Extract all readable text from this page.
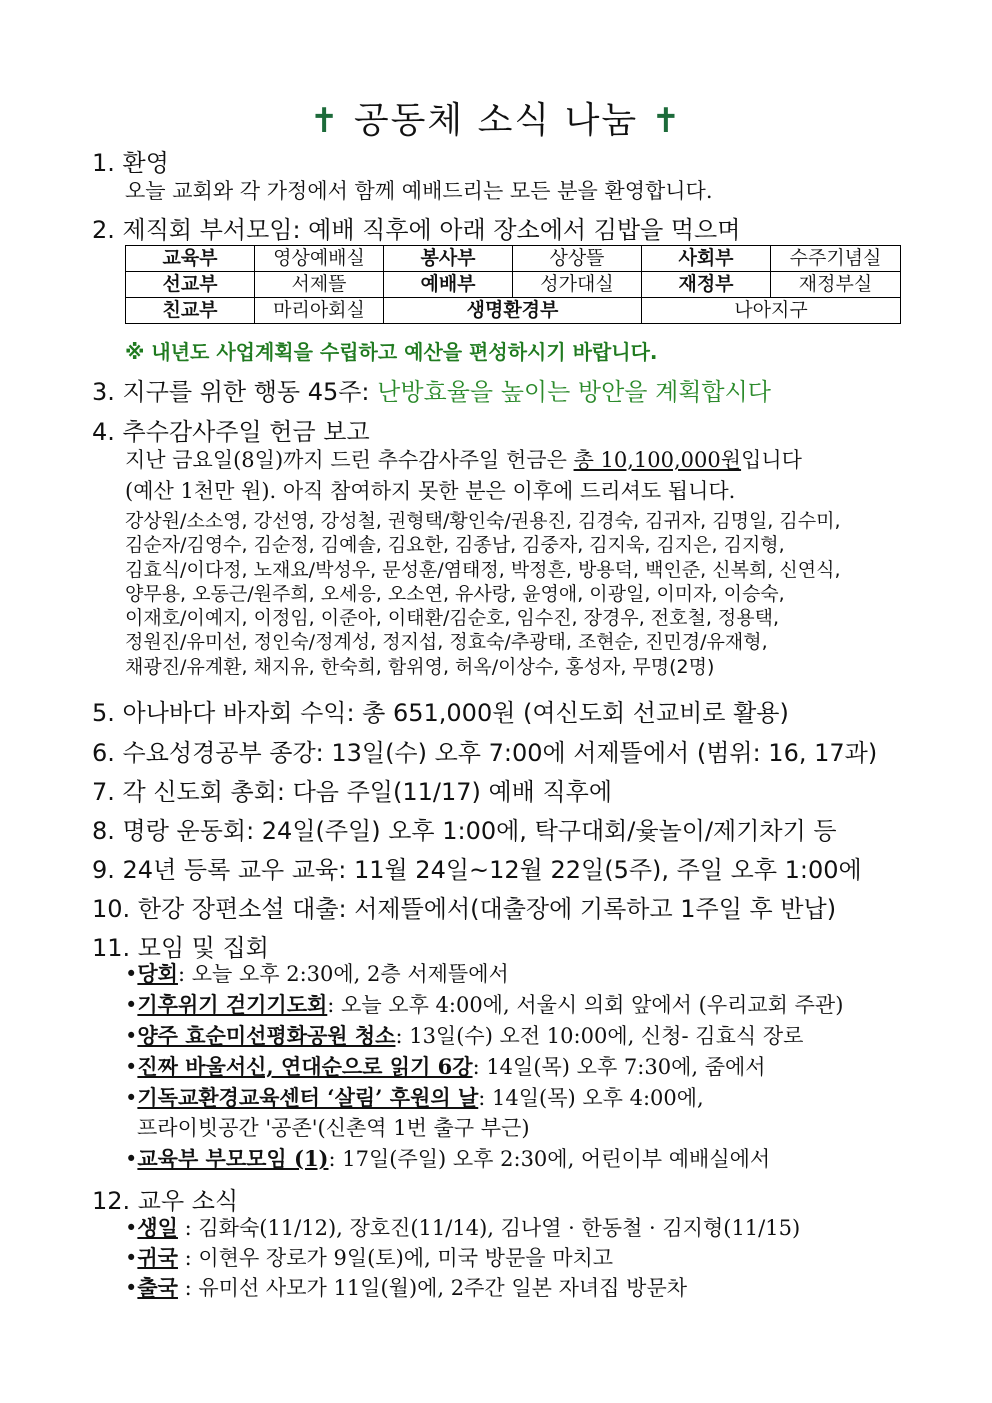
✝ 공동체 소식 나눔 ✝
1. 환영
오늘 교회와 각 가정에서 함께 예배드리는 모든 분을 환영합니다.
2. 제직회 부서모임: 예배 직후에 아래 장소에서 김밥을 먹으며
교육부	영상예배실	봉사부	상상뜰	사회부	수주기념실
선교부	서제뜰	예배부	성가대실	재정부	재정부실
친교부	마리아회실	생명환경부		나아지구	
※ 내년도 사업계획을 수립하고 예산을 편성하시기 바랍니다.
3. 지구를 위한 행동 45주: 난방효율을 높이는 방안을 계획합시다
4. 추수감사주일 헌금 보고
지난 금요일(8일)까지 드린 추수감사주일 헌금은 총 10,100,000원입니다
(예산 1천만 원). 아직 참여하지 못한 분은 이후에 드리셔도 됩니다.
강상원/소소영, 강선영, 강성철, 권형택/황인숙/권용진, 김경숙, 김귀자, 김명일, 김수미,
김순자/김영수, 김순정, 김예솔, 김요한, 김종남, 김중자, 김지욱, 김지은, 김지형,
김효식/이다정, 노재요/박성우, 문성훈/염태정, 박정흔, 방용덕, 백인준, 신복희, 신연식,
양무용, 오동근/원주희, 오세응, 오소연, 유사랑, 윤영애, 이광일, 이미자, 이승숙,
이재호/이예지, 이정임, 이준아, 이태환/김순호, 임수진, 장경우, 전호철, 정용택,
정원진/유미선, 정인숙/정계성, 정지섭, 정효숙/추광태, 조현순, 진민경/유재형,
채광진/유계환, 채지유, 한숙희, 함위영, 허옥/이상수, 홍성자, 무명(2명)
5. 아나바다 바자회 수익: 총 651,000원 (여신도회 선교비로 활용)
6. 수요성경공부 종강: 13일(수) 오후 7:00에 서제뜰에서 (범위: 16, 17과)
7. 각 신도회 총회: 다음 주일(11/17) 예배 직후에
8. 명랑 운동회: 24일(주일) 오후 1:00에, 탁구대회/윷놀이/제기차기 등
9. 24년 등록 교우 교육: 11월 24일~12월 22일(5주), 주일 오후 1:00에
10. 한강 장편소설 대출: 서제뜰에서(대출장에 기록하고 1주일 후 반납)
11. 모임 및 집회
•당회: 오늘 오후 2:30에, 2층 서제뜰에서
•기후위기 걷기기도회: 오늘 오후 4:00에, 서울시 의회 앞에서 (우리교회 주관)
•양주 효순미선평화공원 청소: 13일(수) 오전 10:00에, 신청- 김효식 장로
•진짜 바울서신, 연대순으로 읽기 6강: 14일(목) 오후 7:30에, 줌에서
•기독교환경교육센터 ‘살림’ 후원의 날: 14일(목) 오후 4:00에,
프라이빗공간 '공존'(신촌역 1번 출구 부근)
•교육부 부모모임 (1): 17일(주일) 오후 2:30에, 어린이부 예배실에서
12. 교우 소식
•생일 : 김화숙(11/12), 장호진(11/14), 김나열 · 한동철 · 김지형(11/15)
•귀국 : 이현우 장로가 9일(토)에, 미국 방문을 마치고
•출국 : 유미선 사모가 11일(월)에, 2주간 일본 자녀집 방문차
